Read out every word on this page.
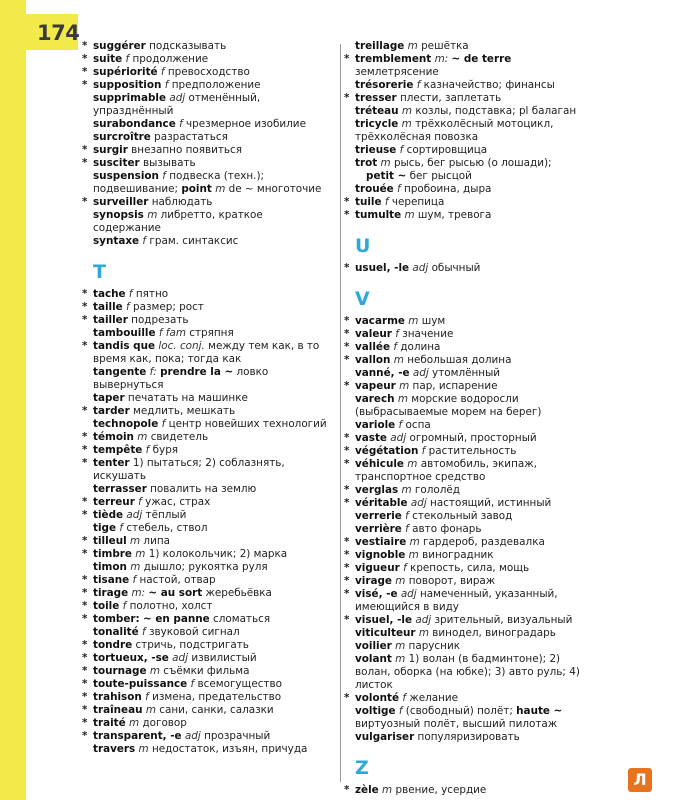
174

* suggérer подсказывать

* suite f продолжение

* supériorité f превосходство

* supposition f предположение

supprimable adj отменённый, упразднённый

surabondance f чрезмерное изобилие

surcroître разрастаться

* surgir внезапно появиться

* susciter вызывать

suspension f подвеска (техн.); подвешивание; point m de ~ многоточие

* surveiller наблюдать

synopsis m либретто, краткое содержание

syntaxe f грам. синтаксис

T

* tache f пятно

* taille f размер; рост

* tailler подрезать

tambouille f fam стряпня

* tandis que loc. conj. между тем как, в то время как, пока; тогда как

tangente f: prendre la ~ ловко вывернуться

taper печатать на машинке

* tarder медлить, мешкать

technopole f центр новейших технологий

* témoin m свидетель

* tempête f буря

* tenter 1) пытаться; 2) соблазнять, искушать

terrasser повалить на землю

* terreur f ужас, страх

* tiède adj тёплый

tige f стебель, ствол

* tilleul m липа

* timbre m 1) колокольчик; 2) марка

timon m дышло; рукоятка руля

* tisane f настой, отвар

* tirage m: ~ au sort жеребьёвка

* toile f полотно, холст

* tomber: ~ en panne сломаться

tonalité f звуковой сигнал

* tondre стричь, подстригать

* tortueux, -se adj извилистый

* tournage m съёмки фильма

* toute-puissance f всемогущество

* trahison f измена, предательство

* traîneau m сани, санки, салазки

* traité m договор

* transparent, -e adj прозрачный

travers m недостаток, изъян, причуда

treillage m решётка

* tremblement m: ~ de terre землетрясение

trésorerie f казначейство; финансы

* tresser плести, заплетать

tréteau m козлы, подставка; pl балаган

tricycle m трёхколёсный мотоцикл, трёхколёсная повозка

trieuse f сортировщица

trot m рысь, бег рысью (о лошади);

petit ~ бег рысцой

trouée f пробоина, дыра

* tuile f черепица

* tumulte m шум, тревога

U

* usuel, -le adj обычный

V

* vacarme m шум

* valeur f значение

* vallée f долина

* vallon m небольшая долина

vanné, -e adj утомлённый

* vapeur m пар, испарение

varech m морские водоросли (выбрасываемые морем на берег)

variole f оспа

* vaste adj огромный, просторный

* végétation f растительность

* véhicule m автомобиль, экипаж, транспортное средство

* verglas m гололёд

* véritable adj настоящий, истинный

verrerie f стекольный завод

verrière f авто фонарь

* vestiaire m гардероб, раздевалка

* vignoble m виноградник

* vigueur f крепость, сила, мощь

* virage m поворот, вираж

* visé, -e adj намеченный, указанный, имеющийся в виду

* visuel, -le adj зрительный, визуальный

viticulteur m винодел, виноградарь

voilier m парусник

volant m 1) волан (в бадминтоне); 2) волан, оборка (на юбке); 3) авто руль; 4) листок

* volonté f желание

voltige f (свободный) полёт; haute ~ виртуозный полёт, высший пилотаж

vulgariser популяризировать

Z

* zèle m рвение, усердие

Л
